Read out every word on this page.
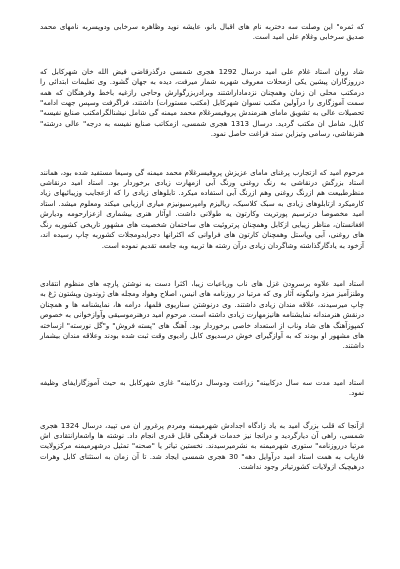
که ثمره" این وصلت سه دختربه نام های اقبال بانو، عایشه نوید وظاهره سرخابی ودوپسربه نامهای محمد صدیق سرخابی وغلام علی امید است.

شاد روان استاد غلام علی امید درسال 1292 هجری شمسی درگذرقاضی فیض الله خان شهرکابل که درروزگاران پیشین یکی ازمحلات معروف شهربه شمار میرفت، دیده به جهان گشود. وی تعلیمات ابتدائی را درمکتب محلی ان زمان وهمچنان نزدماداراشتند وبرادربزرگوارش وحاجی رازغیه باخط وفرهنگان که همه سمت آموزگاری را درآولین مکتب نسوان شهرکابل (مکتب مستورات) داشتند، فراگرفت وسپس جهت ادامه" تحصیلات عالی به تشویق مامای هنرمندش پروفیسرغلام محمد میمنه گی شامل نیشنالگرامکتب صنایع نفیسه" کابل، شامل ان مکتب گردید. درسال 1313 هجری شمسی، ازمکاتب صنایع نفیسه به درجه" عالی درشته" هنرنقاشی، رسامی وتیزاین سند فراغت حاصل نمود.

مرحوم امید که ازتجارب پرغنای مامای عزیزش پروفیسرغلام محمد میمنه گی وسیعا مستفید شده بود، همانند استاد بزرگش درنقاشی به رنگ روغنی ورنگ آبی ازمهارت زیادی برخوردار بود. استاد امید درنقاشی منظرطبیعت هم ازرنگ روغنی وهم ازرنگ آبی استفاده میکرد. تابلوهای زیادی را که ازعجایب وزیبائیهای زیاد کارمیکرد ازتابلوهای زیادی به سبک کلاسیک، ریالیزم وامپرسیونیزم میاری ارزیابی میکند ومعلوم میشد. استاد امید مخصوصا درترسیم پورتریت وکارتون یه طولانی داشت. اوآثار هنری بیشماری ازعزارحومه ودیارش افغانستان، مناظر زیبایی ازکابل وهمچنان پرتروئیت های ساختمان شخصیت های مشهور تاریخی کشوربه رنگ های روغنی، آبی وپاستل وهمچنان کارتون های فراوانی که اکثرانها دجرایدومجلات کشوربه چاپ رسیده اند، آزخود به یادگارگذاشته وشاگردان زیادی درآن رشته ها تربیه وبه جامعه تقدیم نموده است.

استاد امید علاوه برسرودن غزل های ناب ورباعیات زیبا، اکثرا دست به نوشتن پارچه های منظوم انتقادی وطنزآمیز میزد وانیگونه آثار وی که مرتبا در روزنامه های انیس، اصلاح وهواد ومجله های ژوندون وپشتون ژغ به چاپ میرسیدند، علاقه مندان زیادی داشتند. وی درنوشتن سناریوی فلمها، درامه ها، نمایشنامه ها و همچنان درنقش هنرمندانه نمایشنامه هانیزمهارت زیادی داشته است. مرحوم امید درهنرموسیقی وآوازخوانی به خصوص کمپوزآهنگ های شاد وناب از استعداد خاصی برخوردار بود. آهنگ های "پسته فروش" و"گل نورسته" ازساخته های مشهور او بودند که به آوازگیرای خوش درسدیوی کابل رادیوی وقت ثبت شده بودند وعلاقه مندان بیشمار داشتند.

استاد امید مدت سه سال درکابینه" زراعت ودوسال درکابینه" غازی شهرکابل به حیث آموزگارایفای وظیفه نمود.

ازآنجا که قلب بزرگ امید به یاد زادگاه اجدادش شهرمیمنه ومردم پرغرور ان می تپید، درسال 1324 هجری شمسی، راهی آن دیارگردید و درانجا نیز خدمات فرهنگی قابل قدری انجام داد. نوشته ها واشعارانتقادی اش مرتبا درروزنامه" ستوری شهرمیمنه به نشرمیرسیدند. نخستین تیاتر یا "صحنه" تمثیل درشهرمیمنه مرکزولایت فاریاب به همت استاد امید درآوایل دهه" 30 هجری شمسی ایجاد شد. تا آن زمان به استثنای کابل وهرات درهیچیک ازولایات کشورتیاتر وجود نداشت.
